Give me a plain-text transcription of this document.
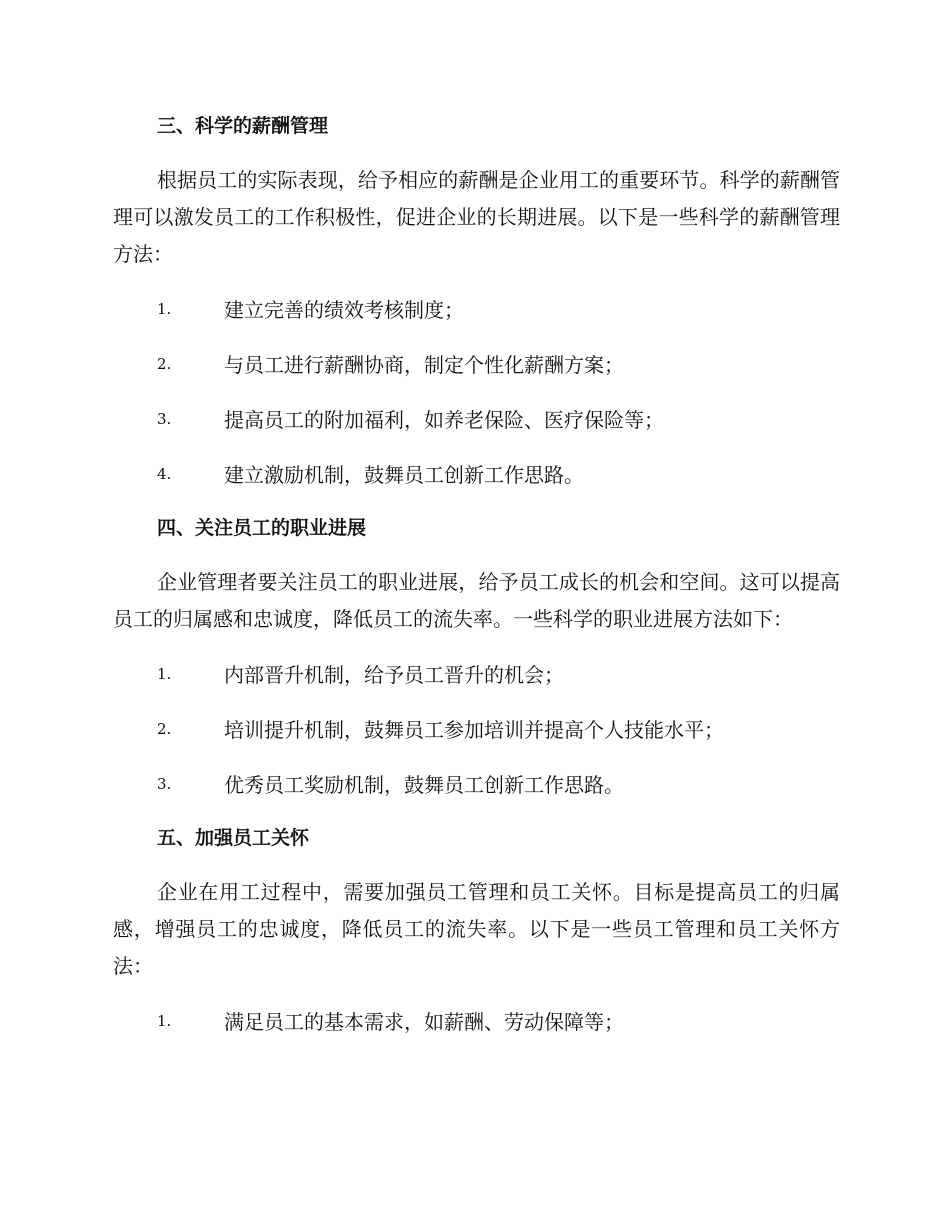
三、科学的薪酬管理

根据员工的实际表现，给予相应的薪酬是企业用工的重要环节。科学的薪酬管理可以激发员工的工作积极性，促进企业的长期进展。以下是一些科学的薪酬管理方法：

1.	建立完善的绩效考核制度；
2.	与员工进行薪酬协商，制定个性化薪酬方案；
3.	提高员工的附加福利，如养老保险、医疗保险等；
4.	建立激励机制，鼓舞员工创新工作思路。
四、关注员工的职业进展

企业管理者要关注员工的职业进展，给予员工成长的机会和空间。这可以提高员工的归属感和忠诚度，降低员工的流失率。一些科学的职业进展方法如下：

1.	内部晋升机制，给予员工晋升的机会；
2.	培训提升机制，鼓舞员工参加培训并提高个人技能水平；
3.	优秀员工奖励机制，鼓舞员工创新工作思路。
五、加强员工关怀

企业在用工过程中，需要加强员工管理和员工关怀。目标是提高员工的归属感，增强员工的忠诚度，降低员工的流失率。以下是一些员工管理和员工关怀方法：

1.	满足员工的基本需求，如薪酬、劳动保障等；
